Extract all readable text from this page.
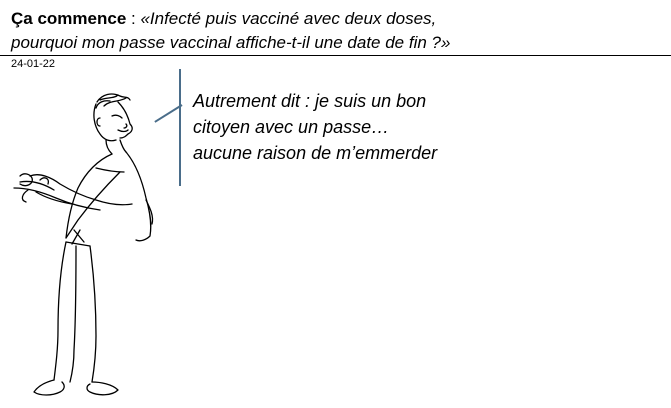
Ça commence : «Infecté puis vacciné avec deux doses,
pourquoi mon passe vaccinal affiche-t-il une date de fin ?»
24-01-22
Autrement dit : je suis un bon
citoyen avec un passe…
aucune raison de m’emmerder
